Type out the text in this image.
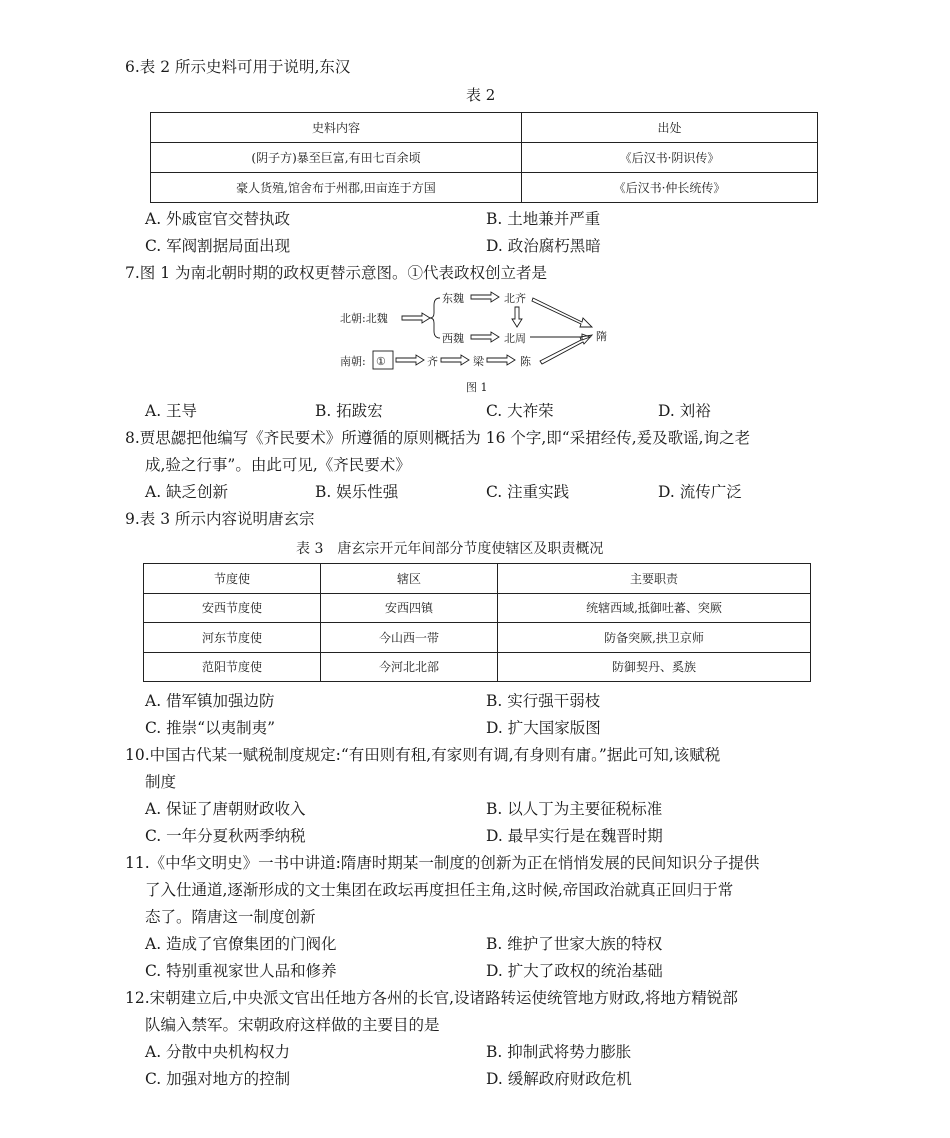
6.表 2 所示史料可用于说明,东汉
表 2
史料内容	出处
(阴子方)暴至巨富,有田七百余顷	《后汉书·阴识传》
豪人货殖,馆舍布于州郡,田亩连于方国	《后汉书·仲长统传》
A. 外戚宦官交替执政	B. 土地兼并严重
C. 军阀割据局面出现	D. 政治腐朽黑暗
7.图 1 为南北朝时期的政权更替示意图。①代表政权创立者是
北朝:北魏
东魏	北齐
西魏	北周	隋
南朝: ①	齐	梁	陈
图 1
A. 王导	B. 拓跋宏	C. 大祚荣	D. 刘裕
8.贾思勰把他编写《齐民要术》所遵循的原则概括为 16 个字,即“采捃经传,爰及歌谣,询之老
成,验之行事”。由此可见,《齐民要术》
A. 缺乏创新	B. 娱乐性强	C. 注重实践	D. 流传广泛
9.表 3 所示内容说明唐玄宗
表 3　唐玄宗开元年间部分节度使辖区及职责概况
节度使	辖区	主要职责
安西节度使	安西四镇	统辖西域,抵御吐蕃、突厥
河东节度使	今山西一带	防备突厥,拱卫京师
范阳节度使	今河北北部	防御契丹、奚族
A. 借军镇加强边防	B. 实行强干弱枝
C. 推崇“以夷制夷”	D. 扩大国家版图
10.中国古代某一赋税制度规定:“有田则有租,有家则有调,有身则有庸。”据此可知,该赋税
制度
A. 保证了唐朝财政收入	B. 以人丁为主要征税标准
C. 一年分夏秋两季纳税	D. 最早实行是在魏晋时期
11.《中华文明史》一书中讲道:隋唐时期某一制度的创新为正在悄悄发展的民间知识分子提供
了入仕通道,逐渐形成的文士集团在政坛再度担任主角,这时候,帝国政治就真正回归于常
态了。隋唐这一制度创新
A. 造成了官僚集团的门阀化	B. 维护了世家大族的特权
C. 特别重视家世人品和修养	D. 扩大了政权的统治基础
12.宋朝建立后,中央派文官出任地方各州的长官,设诸路转运使统管地方财政,将地方精锐部
队编入禁军。宋朝政府这样做的主要目的是
A. 分散中央机构权力	B. 抑制武将势力膨胀
C. 加强对地方的控制	D. 缓解政府财政危机
